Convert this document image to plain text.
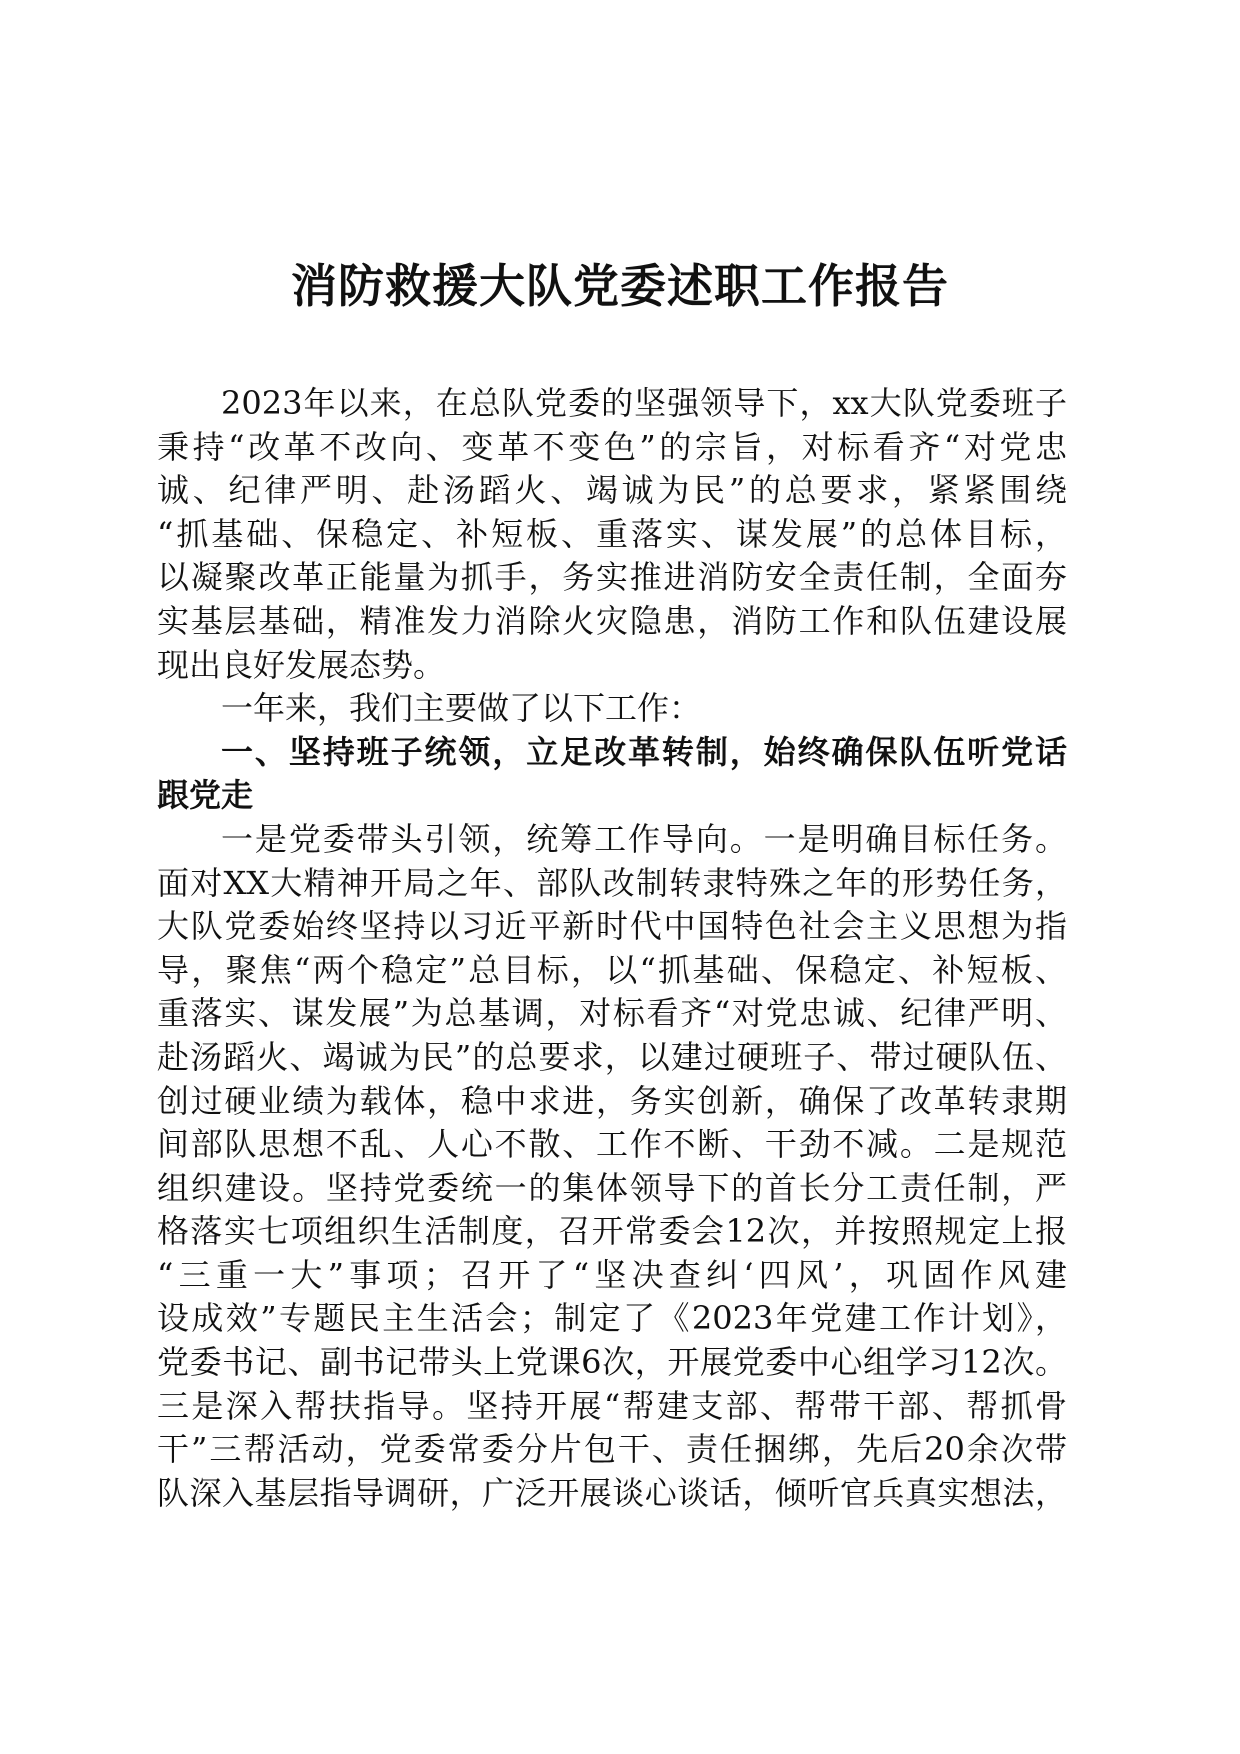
消防救援大队党委述职工作报告
2023年以来，在总队党委的坚强领导下，xx大队党委班子
秉持“改革不改向、变革不变色”的宗旨，对标看齐“对党忠
诚、纪律严明、赴汤蹈火、竭诚为民”的总要求，紧紧围绕
“抓基础、保稳定、补短板、重落实、谋发展”的总体目标，
以凝聚改革正能量为抓手，务实推进消防安全责任制，全面夯
实基层基础，精准发力消除火灾隐患，消防工作和队伍建设展
现出良好发展态势。
一年来，我们主要做了以下工作：
一、坚持班子统领，立足改革转制，始终确保队伍听党话
跟党走
一是党委带头引领，统筹工作导向。一是明确目标任务。
面对XX大精神开局之年、部队改制转隶特殊之年的形势任务，
大队党委始终坚持以习近平新时代中国特色社会主义思想为指
导，聚焦“两个稳定”总目标，以“抓基础、保稳定、补短板、
重落实、谋发展”为总基调，对标看齐“对党忠诚、纪律严明、
赴汤蹈火、竭诚为民”的总要求，以建过硬班子、带过硬队伍、
创过硬业绩为载体，稳中求进，务实创新，确保了改革转隶期
间部队思想不乱、人心不散、工作不断、干劲不减。二是规范
组织建设。坚持党委统一的集体领导下的首长分工责任制，严
格落实七项组织生活制度，召开常委会12次，并按照规定上报
“三重一大”事项；召开了“坚决查纠‘四风’，巩固作风建
设成效”专题民主生活会；制定了《2023年党建工作计划》，
党委书记、副书记带头上党课6次，开展党委中心组学习12次。
三是深入帮扶指导。坚持开展“帮建支部、帮带干部、帮抓骨
干”三帮活动，党委常委分片包干、责任捆绑，先后20余次带
队深入基层指导调研，广泛开展谈心谈话，倾听官兵真实想法，
